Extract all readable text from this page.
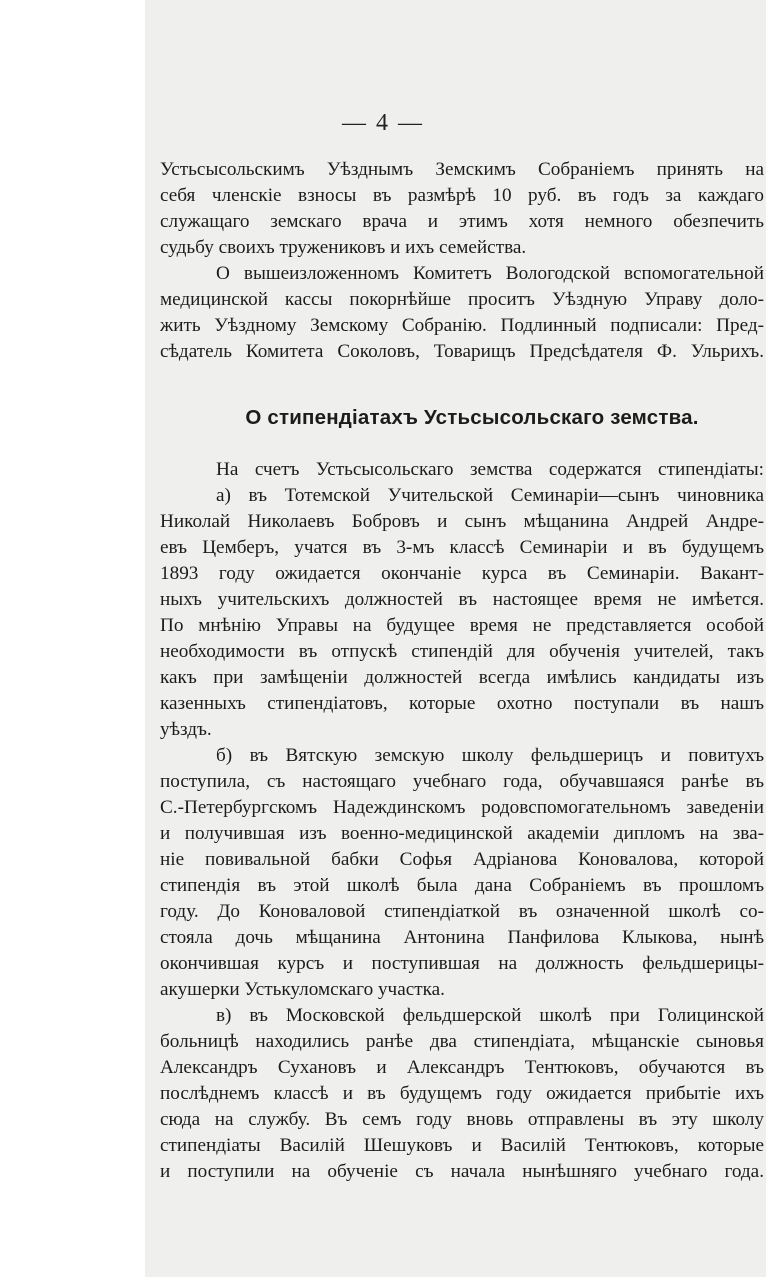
— 4 —

Устьсысольскимъ Уѣзднымъ Земскимъ Собраніемъ принять на
себя членскіе взносы въ размѣрѣ 10 руб. въ годъ за каждаго
служащаго земскаго врача и этимъ хотя немного обезпечить
судьбу своихъ тружениковъ и ихъ семейства.

О вышеизложенномъ Комитетъ Вологодской вспомогательной
медицинской кассы покорнѣйше проситъ Уѣздную Управу доло-
жить Уѣздному Земскому Собранію. Подлинный подписали: Пред-
сѣдатель Комитета Соколовъ, Товарищъ Предсѣдателя Ф. Ульрихъ.

О стипендіатахъ Устьсысольскаго земства.

На счетъ Устьсысольскаго земства содержатся стипендіаты:

а) въ Тотемской Учительской Семинаріи—сынъ чиновника
Николай Николаевъ Бобровъ и сынъ мѣщанина Андрей Андре-
евъ Цемберъ, учатся въ 3-мъ классѣ Семинаріи и въ будущемъ
1893 году ожидается окончаніе курса въ Семинаріи. Вакант-
ныхъ учительскихъ должностей въ настоящее время не имѣется.
По мнѣнію Управы на будущее время не представляется особой
необходимости въ отпускѣ стипендій для обученія учителей, такъ
какъ при замѣщеніи должностей всегда имѣлись кандидаты изъ
казенныхъ стипендіатовъ, которые охотно поступали въ нашъ
уѣздъ.

б) въ Вятскую земскую школу фельдшерицъ и повитухъ
поступила, съ настоящаго учебнаго года, обучавшаяся ранѣе въ
С.-Петербургскомъ Надеждинскомъ родовспомогательномъ заведеніи
и получившая изъ военно-медицинской академіи дипломъ на зва-
ніе повивальной бабки Софья Адріанова Коновалова, которой
стипендія въ этой школѣ была дана Собраніемъ въ прошломъ
году. До Коноваловой стипендіаткой въ означенной школѣ со-
стояла дочь мѣщанина Антонина Панфилова Клыкова, нынѣ
окончившая курсъ и поступившая на должность фельдшерицы-
акушерки Устькуломскаго участка.

в) въ Московской фельдшерской школѣ при Голицинской
больницѣ находились ранѣе два стипендіата, мѣщанскіе сыновья
Александръ Сухановъ и Александръ Тентюковъ, обучаются въ
послѣднемъ классѣ и въ будущемъ году ожидается прибытіе ихъ
сюда на службу. Въ семъ году вновь отправлены въ эту школу
стипендіаты Василій Шешуковъ и Василій Тентюковъ, которые
и поступили на обученіе съ начала нынѣшняго учебнаго года.
